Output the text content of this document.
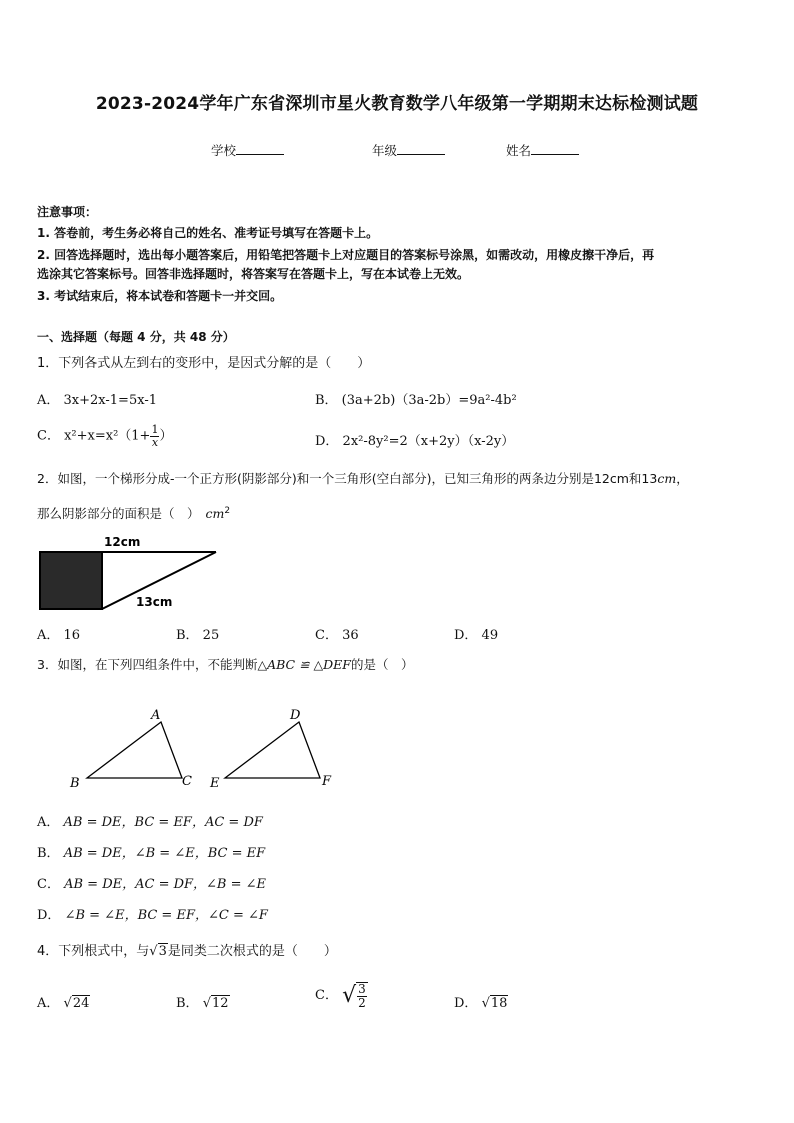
2023-2024学年广东省深圳市星火教育数学八年级第一学期期末达标检测试题
学校	年级	姓名
注意事项：
1. 答卷前，考生务必将自己的姓名、准考证号填写在答题卡上。
2. 回答选择题时，选出每小题答案后，用铅笔把答题卡上对应题目的答案标号涂黑，如需改动，用橡皮擦干净后，再
选涂其它答案标号。回答非选择题时，将答案写在答题卡上，写在本试卷上无效。
3. 考试结束后，将本试卷和答题卡一并交回。
一、选择题（每题 4 分，共 48 分）
1．下列各式从左到右的变形中，是因式分解的是（　　）
A． 3x+2x-1=5x-1	B． (3a+2b)（3a-2b）=9a²-4b²
C． $x^2+x=x^2(1+ \frac{1}{x}$ ）	D． 2x²-8y²=2（x+2y）（x-2y）
2．如图，一个梯形分成-一个正方形(阴影部分)和一个三角形(空白部分)，已知三角形的两条边分别是12cm和13cm，
那么阴影部分的面积是（　） $cm^2$
12cm
13cm
A． 16	B． 25	C． 36	D． 49
3．如图，在下列四组条件中，不能判断△ABC ≌ △DEF的是（　）
A
B	C
D
E	F
A． AB = DE，BC = EF，AC = DF
B． AB = DE，∠B = ∠E，BC = EF
C． AB = DE，AC = DF，∠B = ∠E
D． ∠B = ∠E，BC = EF，∠C = ∠F
4．下列根式中，与√3是同类二次根式的是（　　）
A． √24	B． √12
C． √ $\frac{3}{2}$	D． √18
